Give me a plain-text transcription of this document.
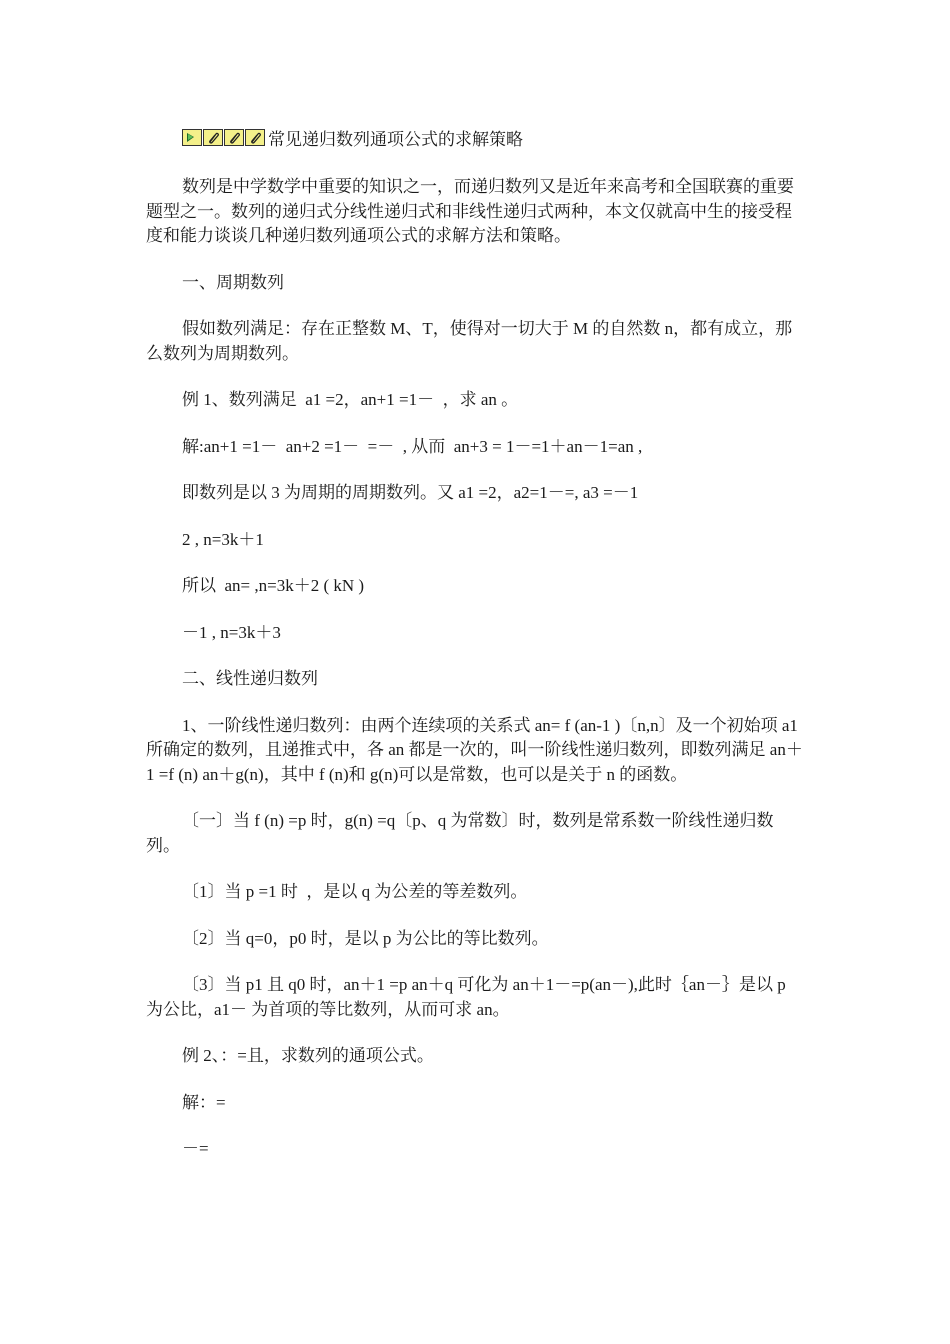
常见递归数列通项公式的求解策略

数列是中学数学中重要的知识之一，而递归数列又是近年来高考和全国联赛的重要题型之一。数列的递归式分线性递归式和非线性递归式两种，本文仅就高中生的接受程度和能力谈谈几种递归数列通项公式的求解方法和策略。

一、周期数列

假如数列满足：存在正整数 M、T，使得对一切大于 M 的自然数 n，都有成立，那么数列为周期数列。

例 1、数列满足  a1 =2，an+1 =1－  ，求 an 。

解:an+1 =1－  an+2 =1－  =－  , 从而  an+3 = 1－=1＋an－1=an ,

即数列是以 3 为周期的周期数列。又 a1 =2，a2=1－=, a3 =－1

2 , n=3k＋1

所以  an= ,n=3k＋2 ( kN )

－1 , n=3k＋3

二、线性递归数列

1、一阶线性递归数列：由两个连续项的关系式 an= f (an-1 )〔n,n〕及一个初始项 a1 所确定的数列，且递推式中，各 an 都是一次的，叫一阶线性递归数列，即数列满足 an＋1 =f (n) an＋g(n)，其中 f (n)和 g(n)可以是常数，也可以是关于 n 的函数。

〔一〕当 f (n) =p 时，g(n) =q〔p、q 为常数〕时，数列是常系数一阶线性递归数列。

〔1〕当 p =1 时  ，是以 q 为公差的等差数列。

〔2〕当 q=0，p0 时，是以 p 为公比的等比数列。

〔3〕当 p1 且 q0 时，an＋1 =p an＋q 可化为 an＋1－=p(an－),此时｛an－｝是以 p 为公比，a1－ 为首项的等比数列，从而可求 an。

例 2、：=且，求数列的通项公式。

解：=

－=
